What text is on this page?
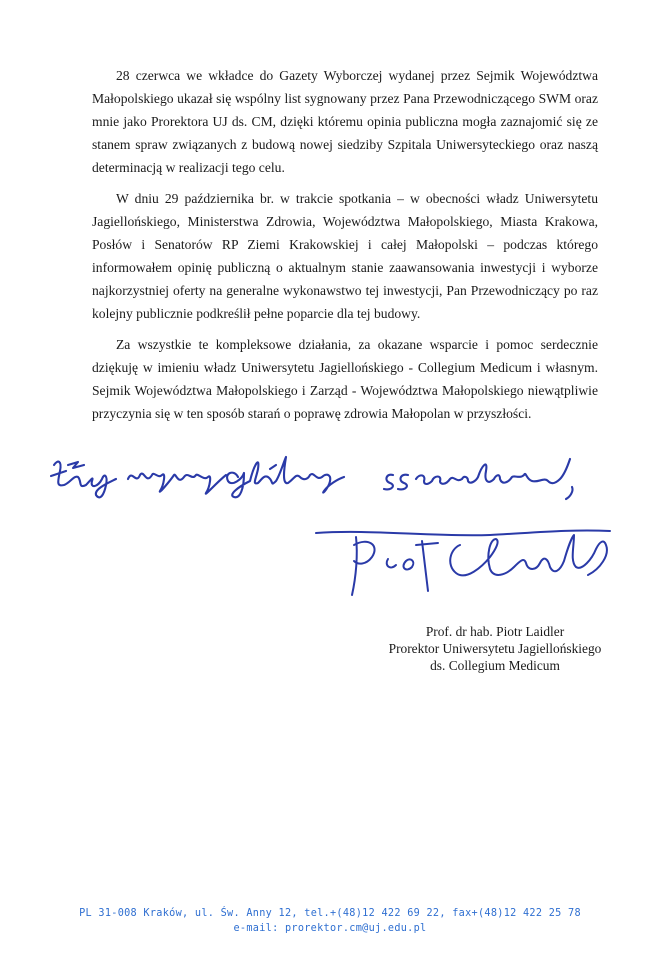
28 czerwca we wkładce do Gazety Wyborczej wydanej przez Sejmik Województwa Małopolskiego ukazał się wspólny list sygnowany przez Pana Przewodniczącego SWM oraz mnie jako Prorektora UJ ds. CM, dzięki któremu opinia publiczna mogła zaznajomić się ze stanem spraw związanych z budową nowej siedziby Szpitala Uniwersyteckiego oraz naszą determinacją w realizacji tego celu.

W dniu 29 października br. w trakcie spotkania – w obecności władz Uniwersytetu Jagiellońskiego, Ministerstwa Zdrowia, Województwa Małopolskiego, Miasta Krakowa, Posłów i Senatorów RP Ziemi Krakowskiej i całej Małopolski – podczas którego informowałem opinię publiczną o aktualnym stanie zaawansowania inwestycji i wyborze najkorzystniej oferty na generalne wykonawstwo tej inwestycji, Pan Przewodniczący po raz kolejny publicznie podkreślił pełne poparcie dla tej budowy.

Za wszystkie te kompleksowe działania, za okazane wsparcie i pomoc serdecznie dziękuję w imieniu władz Uniwersytetu Jagiellońskiego - Collegium Medicum i własnym. Sejmik Województwa Małopolskiego i Zarząd - Województwa Małopolskiego niewątpliwie przyczynia się w ten sposób starań o poprawę zdrowia Małopolan w przyszłości.

Prof. dr hab. Piotr Laidler
Prorektor Uniwersytetu Jagiellońskiego
ds. Collegium Medicum
PL 31-008 Kraków, ul. Św. Anny 12, tel.+(48)12 422 69 22, fax+(48)12 422 25 78
e-mail: prorektor.cm@uj.edu.pl
